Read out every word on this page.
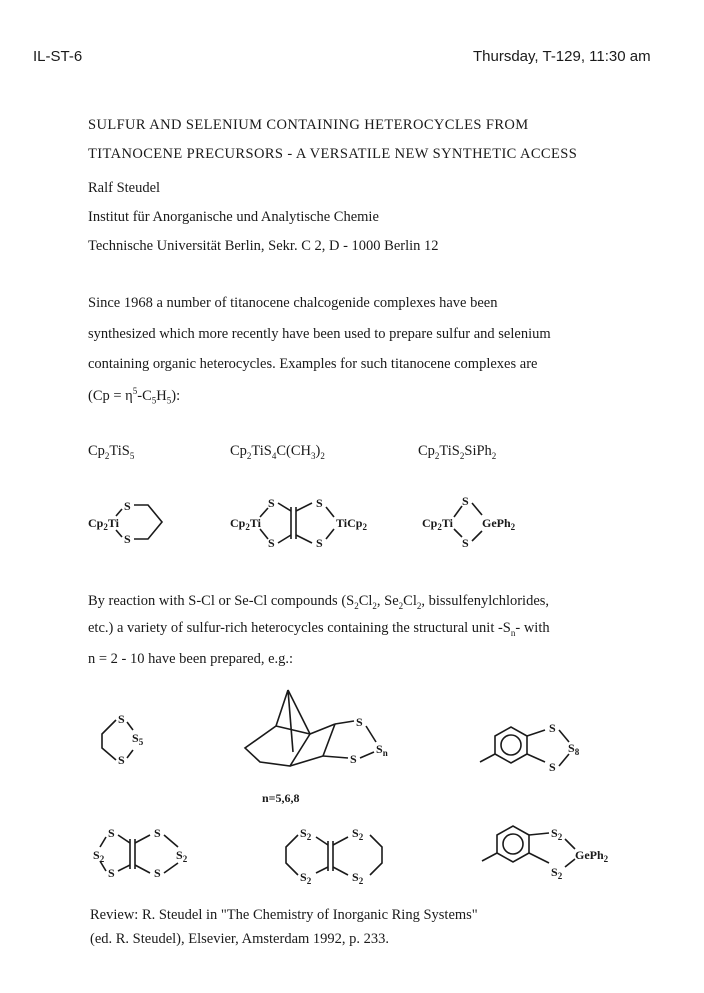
IL-ST-6	Thursday, T-129, 11:30 am
SULFUR AND SELENIUM CONTAINING HETEROCYCLES FROM
TITANOCENE PRECURSORS - A VERSATILE NEW SYNTHETIC ACCESS
Ralf Steudel
Institut für Anorganische und Analytische Chemie
Technische Universität Berlin, Sekr. C 2, D - 1000 Berlin 12
Since 1968 a number of titanocene chalcogenide complexes have been
synthesized which more recently have been used to prepare sulfur and selenium
containing organic heterocycles. Examples for such titanocene complexes are
$(Cp = \eta^5-C_5H_5)$:
$Cp_2TiS_5$	$Cp_2TiS_4C(CH_3)_2$	$Cp_2TiS_2SiPh_2$
$Cp_2Ti$
S
S
$Cp_2Ti$
S
S
S
S
TiCp$_2$	$Cp_2Ti$
S
S
GePh$_2$
By reaction with S-Cl or Se-Cl compounds ($S_2Cl_2$, $Se_2Cl_2$, bissulfenylchlorides,
etc.) a variety of sulfur-rich heterocycles containing the structural unit $-S_n-$ with
n = 2 - 10 have been prepared, e.g.:
S
S
$S_5$
S
S
$S_n$
n=5,6,8
S
S
$S_8$
S
S
$S_2$
S
S
$S_2$
$S_2$
$S_2$
$S_2$
$S_2$
$S_2$
$S_2$
GePh$_2$
Review: R. Steudel in "The Chemistry of Inorganic Ring Systems"
(ed. R. Steudel), Elsevier, Amsterdam 1992, p. 233.
